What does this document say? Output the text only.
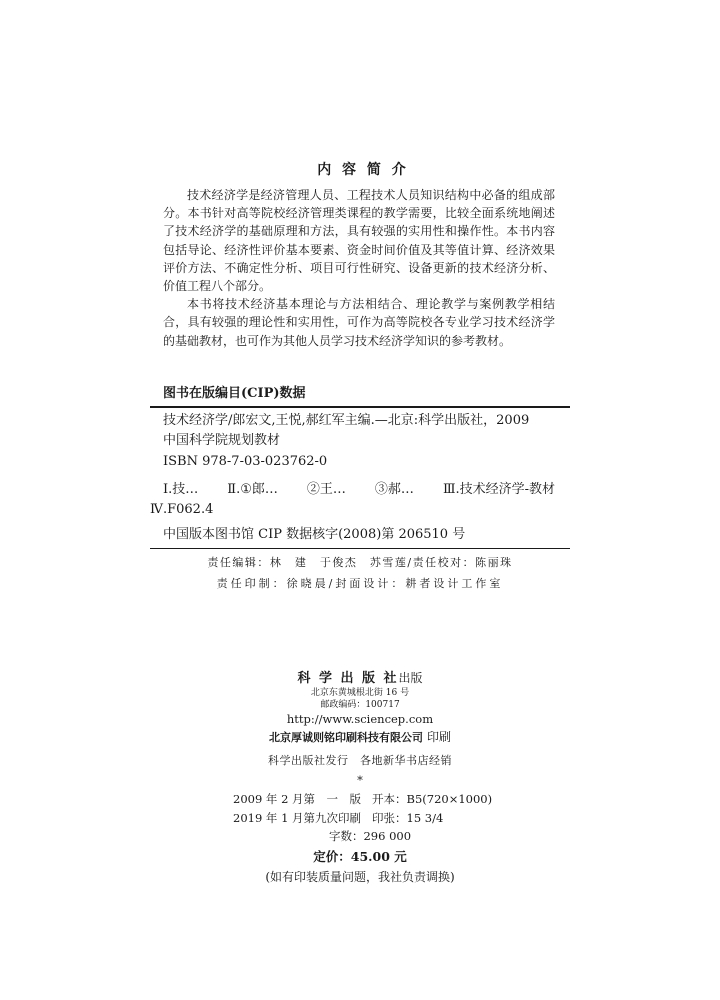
内 容 简 介
技术经济学是经济管理人员、工程技术人员知识结构中必备的组成部
分。本书针对高等院校经济管理类课程的教学需要，比较全面系统地阐述
了技术经济学的基础原理和方法，具有较强的实用性和操作性。本书内容
包括导论、经济性评价基本要素、资金时间价值及其等值计算、经济效果
评价方法、不确定性分析、项目可行性研究、设备更新的技术经济分析、
价值工程八个部分。
本书将技术经济基本理论与方法相结合、理论教学与案例教学相结
合，具有较强的理论性和实用性，可作为高等院校各专业学习技术经济学
的基础教材，也可作为其他人员学习技术经济学知识的参考教材。
图书在版编目(CIP)数据
技术经济学/郎宏文,王悦,郝红军主编.—北京:科学出版社，2009
中国科学院规划教材
ISBN 978-7-03-023762-0
Ⅰ.技… Ⅱ.①郎… ②王… ③郝… Ⅲ.技术经济学-教材
Ⅳ.F062.4
中国版本图书馆 CIP 数据核字(2008)第 206510 号
责任编辑：林　建　于俊杰　苏雪莲/责任校对：陈丽珠
责任印制：徐晓晨/封面设计：耕者设计工作室
科 学 出 版 社出版
北京东黄城根北街 16 号
邮政编码：100717
http://www.sciencep.com
北京厚诚则铭印刷科技有限公司 印刷
科学出版社发行　各地新华书店经销
*
2009 年 2 月第　一　版 开本：B5(720×1000)
2019 年 1 月第九次印刷 印张：15 3/4
字数：296 000
定价：45.00 元
(如有印装质量问题，我社负责调换)
